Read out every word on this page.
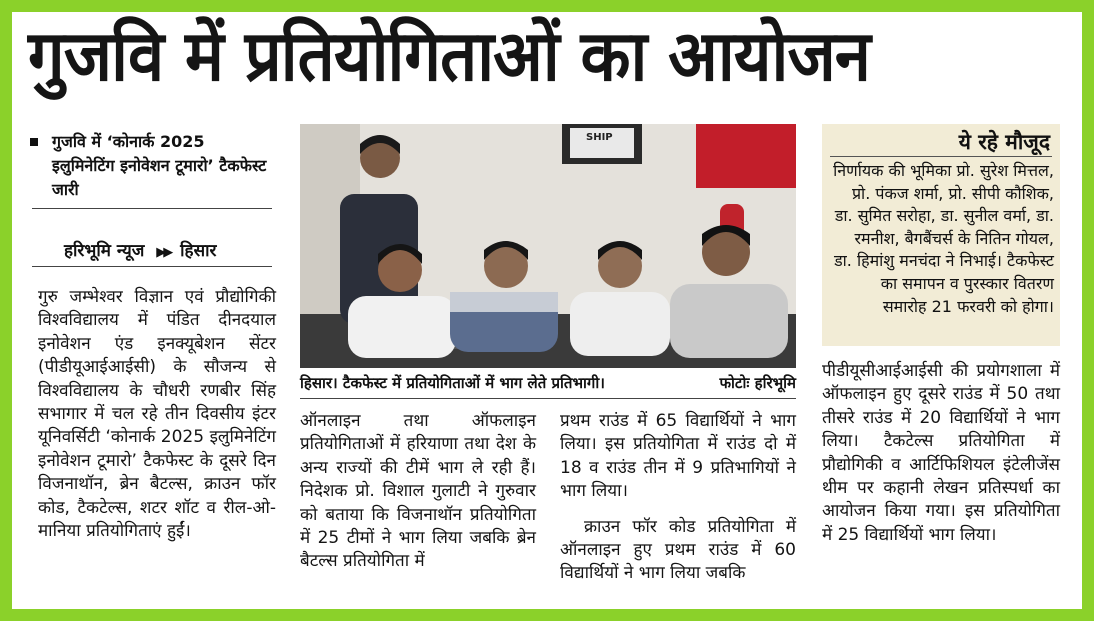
गुजवि में प्रतियोगिताओं का आयोजन
गुजवि में ‘कोनार्क 2025 इलुमिनेटिंग इनोवेशन टूमारो’ टैकफेस्ट जारी
हरिभूमि न्यूज ▶▶ हिसार
गुरु जम्भेश्वर विज्ञान एवं प्रौद्योगिकी विश्वविद्यालय में पंडित दीनदयाल इनोवेशन एंड इनक्यूबेशन सेंटर (पीडीयूआईआईसी) के सौजन्य से विश्वविद्यालय के चौधरी रणबीर सिंह सभागार में चल रहे तीन दिवसीय इंटर यूनिवर्सिटी ‘कोनार्क 2025 इलुमिनेटिंग इनोवेशन टूमारो’ टैकफेस्ट के दूसरे दिन विजनाथॉन, ब्रेन बैटल्स, क्राउन फॉर कोड, टैकटेल्स, शटर शॉट व रील-ओ-मानिया प्रतियोगिताएं हुईं।
SHIP
हिसार। टैकफेस्ट में प्रतियोगिताओं में भाग लेते प्रतिभागी।	फोटोः हरिभूमि
ऑनलाइन तथा ऑफलाइन प्रतियोगिताओं में हरियाणा तथा देश के अन्य राज्यों की टीमें भाग ले रही हैं। निदेशक प्रो. विशाल गुलाटी ने गुरुवार को बताया कि विजनाथॉन प्रतियोगिता में 25 टीमों ने भाग लिया जबकि ब्रेन बैटल्स प्रतियोगिता में
प्रथम राउंड में 65 विद्यार्थियों ने भाग लिया। इस प्रतियोगिता में राउंड दो में 18 व राउंड तीन में 9 प्रतिभागियों ने भाग लिया।
क्राउन फॉर कोड प्रतियोगिता में ऑनलाइन हुए प्रथम राउंड में 60 विद्यार्थियों ने भाग लिया जबकि
ये रहे मौजूद
निर्णायक की भूमिका प्रो. सुरेश मित्तल, प्रो. पंकज शर्मा, प्रो. सीपी कौशिक, डा. सुमित सरोहा, डा. सुनील वर्मा, डा. रमनीश, बैगबैंचर्स के नितिन गोयल, डा. हिमांशु मनचंदा ने निभाई। टैकफेस्ट का समापन व पुरस्कार वितरण समारोह 21 फरवरी को होगा।
पीडीयूसीआईआईसी की प्रयोगशाला में ऑफलाइन हुए दूसरे राउंड में 50 तथा तीसरे राउंड में 20 विद्यार्थियों ने भाग लिया। टैकटेल्स प्रतियोगिता में प्रौद्योगिकी व आर्टिफिशियल इंटेलीजेंस थीम पर कहानी लेखन प्रतिस्पर्धा का आयोजन किया गया। इस प्रतियोगिता में 25 विद्यार्थियों भाग लिया।
